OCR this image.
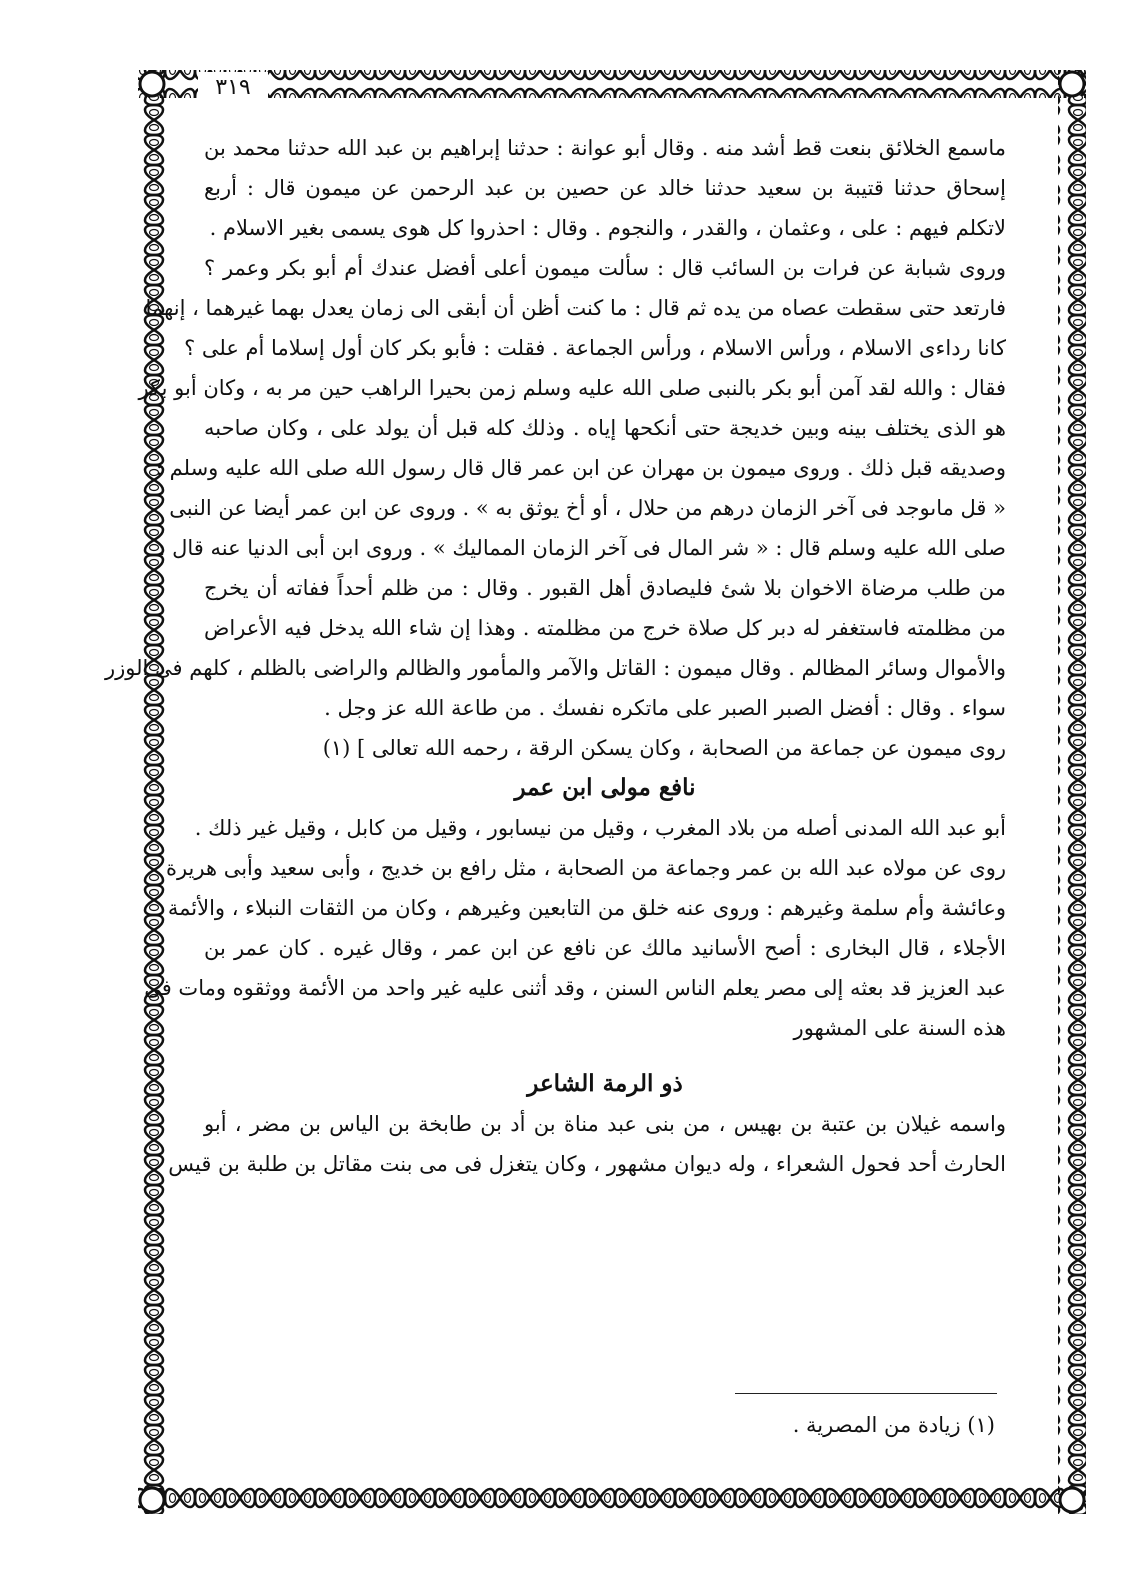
٣١٩
ماسمع الخلائق بنعت قط أشد منه . وقال أبو عوانة : حدثنا إبراهيم بن عبد الله حدثنا محمد بن
إسحاق حدثنا قتيبة بن سعيد حدثنا خالد عن حصين بن عبد الرحمن عن ميمون قال : أربع
لاتكلم فيهم : على ، وعثمان ، والقدر ، والنجوم . وقال : احذروا كل هوى يسمى بغير الاسلام .
وروى شبابة عن فرات بن السائب قال : سألت ميمون أعلى أفضل عندك أم أبو بكر وعمر ؟
فارتعد حتى سقطت عصاه من يده ثم قال : ما كنت أظن أن أبقى الى زمان يعدل بهما غيرهما ، إنهما
كانا رداءى الاسلام ، ورأس الاسلام ، ورأس الجماعة . فقلت : فأبو بكر كان أول إسلاما أم على ؟
فقال : والله لقد آمن أبو بكر بالنبى صلى الله عليه وسلم زمن بحيرا الراهب حين مر به ، وكان أبو بكر
هو الذى يختلف بينه وبين خديجة حتى أنكحها إياه . وذلك كله قبل أن يولد على ، وكان صاحبه
وصديقه قبل ذلك . وروى ميمون بن مهران عن ابن عمر قال قال رسول الله صلى الله عليه وسلم :
« قل ماىوجد فى آخر الزمان درهم من حلال ، أو أخ يوثق به » . وروى عن ابن عمر أيضا عن النبى
صلى الله عليه وسلم قال : « شر المال فى آخر الزمان المماليك » . وروى ابن أبى الدنيا عنه قال :
من طلب مرضاة الاخوان بلا شئ فليصادق أهل القبور . وقال : من ظلم أحداً ففاته أن يخرج
من مظلمته فاستغفر له دبر كل صلاة خرج من مظلمته . وهذا إن شاء الله يدخل فيه الأعراض
والأموال وسائر المظالم . وقال ميمون : القاتل والآمر والمأمور والظالم والراضى بالظلم ، كلهم فى الوزر
سواء . وقال : أفضل الصبر الصبر على ماتكره نفسك . من طاعة الله عز وجل .
روى ميمون عن جماعة من الصحابة ، وكان يسكن الرقة ، رحمه الله تعالى ] (١)
نافع مولى ابن عمر
أبو عبد الله المدنى أصله من بلاد المغرب ، وقيل من نيسابور ، وقيل من كابل ، وقيل غير ذلك .
روى عن مولاه عبد الله بن عمر وجماعة من الصحابة ، مثل رافع بن خديج ، وأبى سعيد وأبى هريرة
وعائشة وأم سلمة وغيرهم : وروى عنه خلق من التابعين وغيرهم ، وكان من الثقات النبلاء ، والأئمة
الأجلاء ، قال البخارى : أصح الأسانيد مالك عن نافع عن ابن عمر ، وقال غيره . كان عمر بن
عبد العزيز قد بعثه إلى مصر يعلم الناس السنن ، وقد أثنى عليه غير واحد من الأئمة ووثقوه ومات فى
هذه السنة على المشهور
ذو الرمة الشاعر
واسمه غيلان بن عتبة بن بهيس ، من بنى عبد مناة بن أد بن طابخة بن الياس بن مضر ، أبو
الحارث أحد فحول الشعراء ، وله ديوان مشهور ، وكان يتغزل فى مى بنت مقاتل بن طلبة بن قيس
(١) زيادة من المصرية .
